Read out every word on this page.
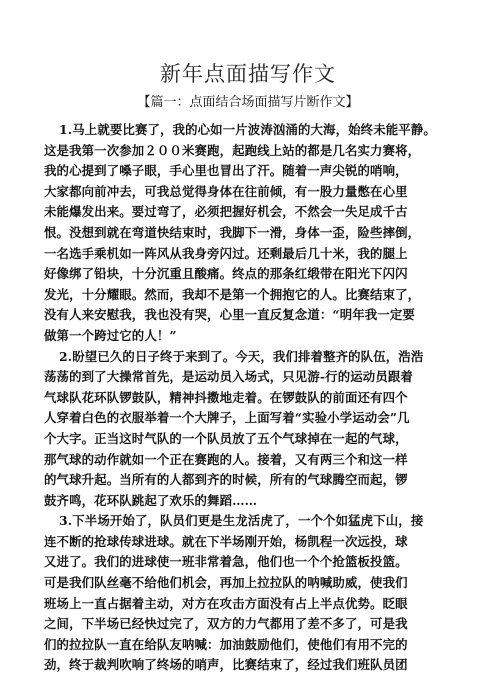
新年点面描写作文
【篇一：点面结合场面描写片断作文】
1.马上就要比赛了，我的心如一片波涛汹涌的大海，始终未能平静。
这是我第一次参加２００米赛跑，起跑线上站的都是几名实力赛将，
我的心提到了嗓子眼，手心里也冒出了汗。随着一声尖锐的哨响，
大家都向前冲去，可我总觉得身体在往前倾，有一股力量憋在心里
未能爆发出来。要过弯了，必须把握好机会，不然会一失足成千古
恨。没想到就在弯道快结束时，我脚下一滑，身体一歪，险些摔倒，
一名选手乘机如一阵风从我身旁闪过。还剩最后几十米，我的腿上
好像绑了铅块，十分沉重且酸痛。终点的那条红缎带在阳光下闪闪
发光，十分耀眼。然而，我却不是第一个拥抱它的人。比赛结束了，
没有人来安慰我，我也没有哭，心里一直反复念道：“明年我一定要
做第一个跨过它的人！”
2.盼望已久的日子终于来到了。今天，我们排着整齐的队伍，浩浩
荡荡的到了大操常首先，是运动员入场式，只见游-行的运动员跟着
气球队花环队锣鼓队，精神抖擞地走着。在锣鼓队的前面还有四个
人穿着白色的衣服举着一个大牌子，上面写着“实验小学运动会”几
个大字。正当这时气队的一个队员放了五个气球掉在一起的气球，
那气球的动作就如一个正在赛跑的人。接着，又有两三个和这一样
的气球升起。当所有的人都到齐的时候，所有的气球腾空而起，锣
鼓齐鸣，花环队跳起了欢乐的舞蹈……
3.下半场开始了，队员们更是生龙活虎了，一个个如猛虎下山，接
连不断的抢球传球进球。就在下半场刚开始，杨凯程一次远投，球
又进了。我们的进球使一班非常着急，他们也一个个抢篮板投篮。
可是我们队丝毫不给他们机会，再加上拉拉队的呐喊助威，使我们
班场上一直占据着主动，对方在攻击方面没有占上半点优势。眨眼
之间，下半场已经快过完了，双方的力气都用了差不多了，可是我
们的拉拉队一直在给队友呐喊：加油鼓励他们，使他们有用不完的
劲，终于裁判吹响了终场的哨声，比赛结束了，经过我们班队员团
